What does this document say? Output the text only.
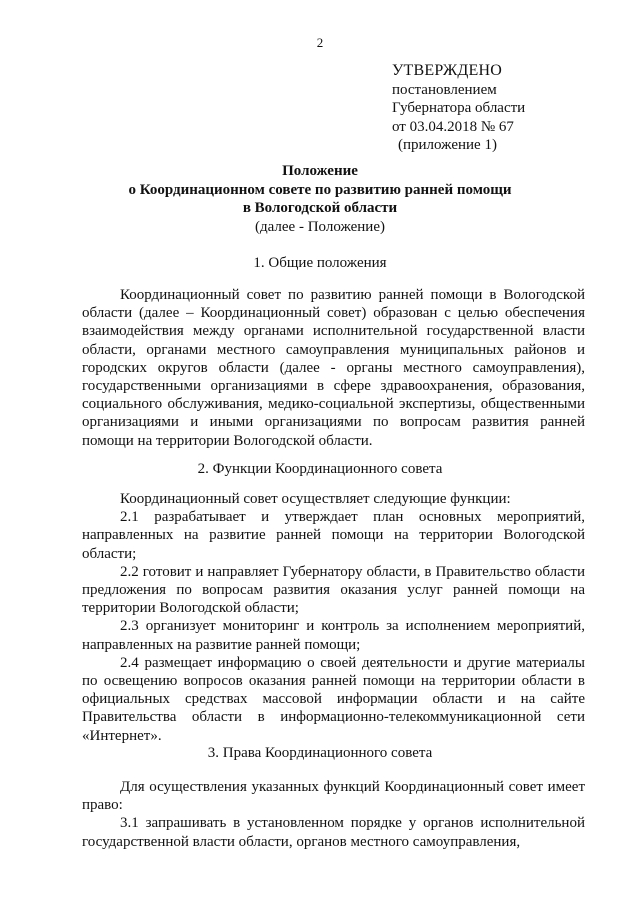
2
УТВЕРЖДЕНО
постановлением
Губернатора области
от 03.04.2018 № 67
(приложение 1)
Положение
о Координационном совете по развитию ранней помощи
в Вологодской области
(далее - Положение)
1. Общие положения

Координационный совет по развитию ранней помощи в Вологодской области (далее – Координационный совет) образован с целью обеспечения взаимодействия между органами исполнительной государственной власти области, органами местного самоуправления муниципальных районов и городских округов области (далее - органы местного самоуправления), государственными организациями в сфере здравоохранения, образования, социального обслуживания, медико-социальной экспертизы, общественными организациями и иными организациями по вопросам развития ранней помощи на территории Вологодской области.

2. Функции Координационного совета

Координационный совет осуществляет следующие функции:

2.1 разрабатывает и утверждает план основных мероприятий, направленных на развитие ранней помощи на территории Вологодской области;

2.2 готовит и направляет Губернатору области, в Правительство области предложения по вопросам развития оказания услуг ранней помощи на территории Вологодской области;

2.3 организует мониторинг и контроль за исполнением мероприятий, направленных на развитие ранней помощи;

2.4 размещает информацию о своей деятельности и другие материалы по освещению вопросов оказания ранней помощи на территории области в официальных средствах массовой информации области и на сайте Правительства области в информационно-телекоммуникационной сети «Интернет».

3. Права Координационного совета

Для осуществления указанных функций Координационный совет имеет право:

3.1 запрашивать в установленном порядке у органов исполнительной государственной власти области, органов местного самоуправления,
